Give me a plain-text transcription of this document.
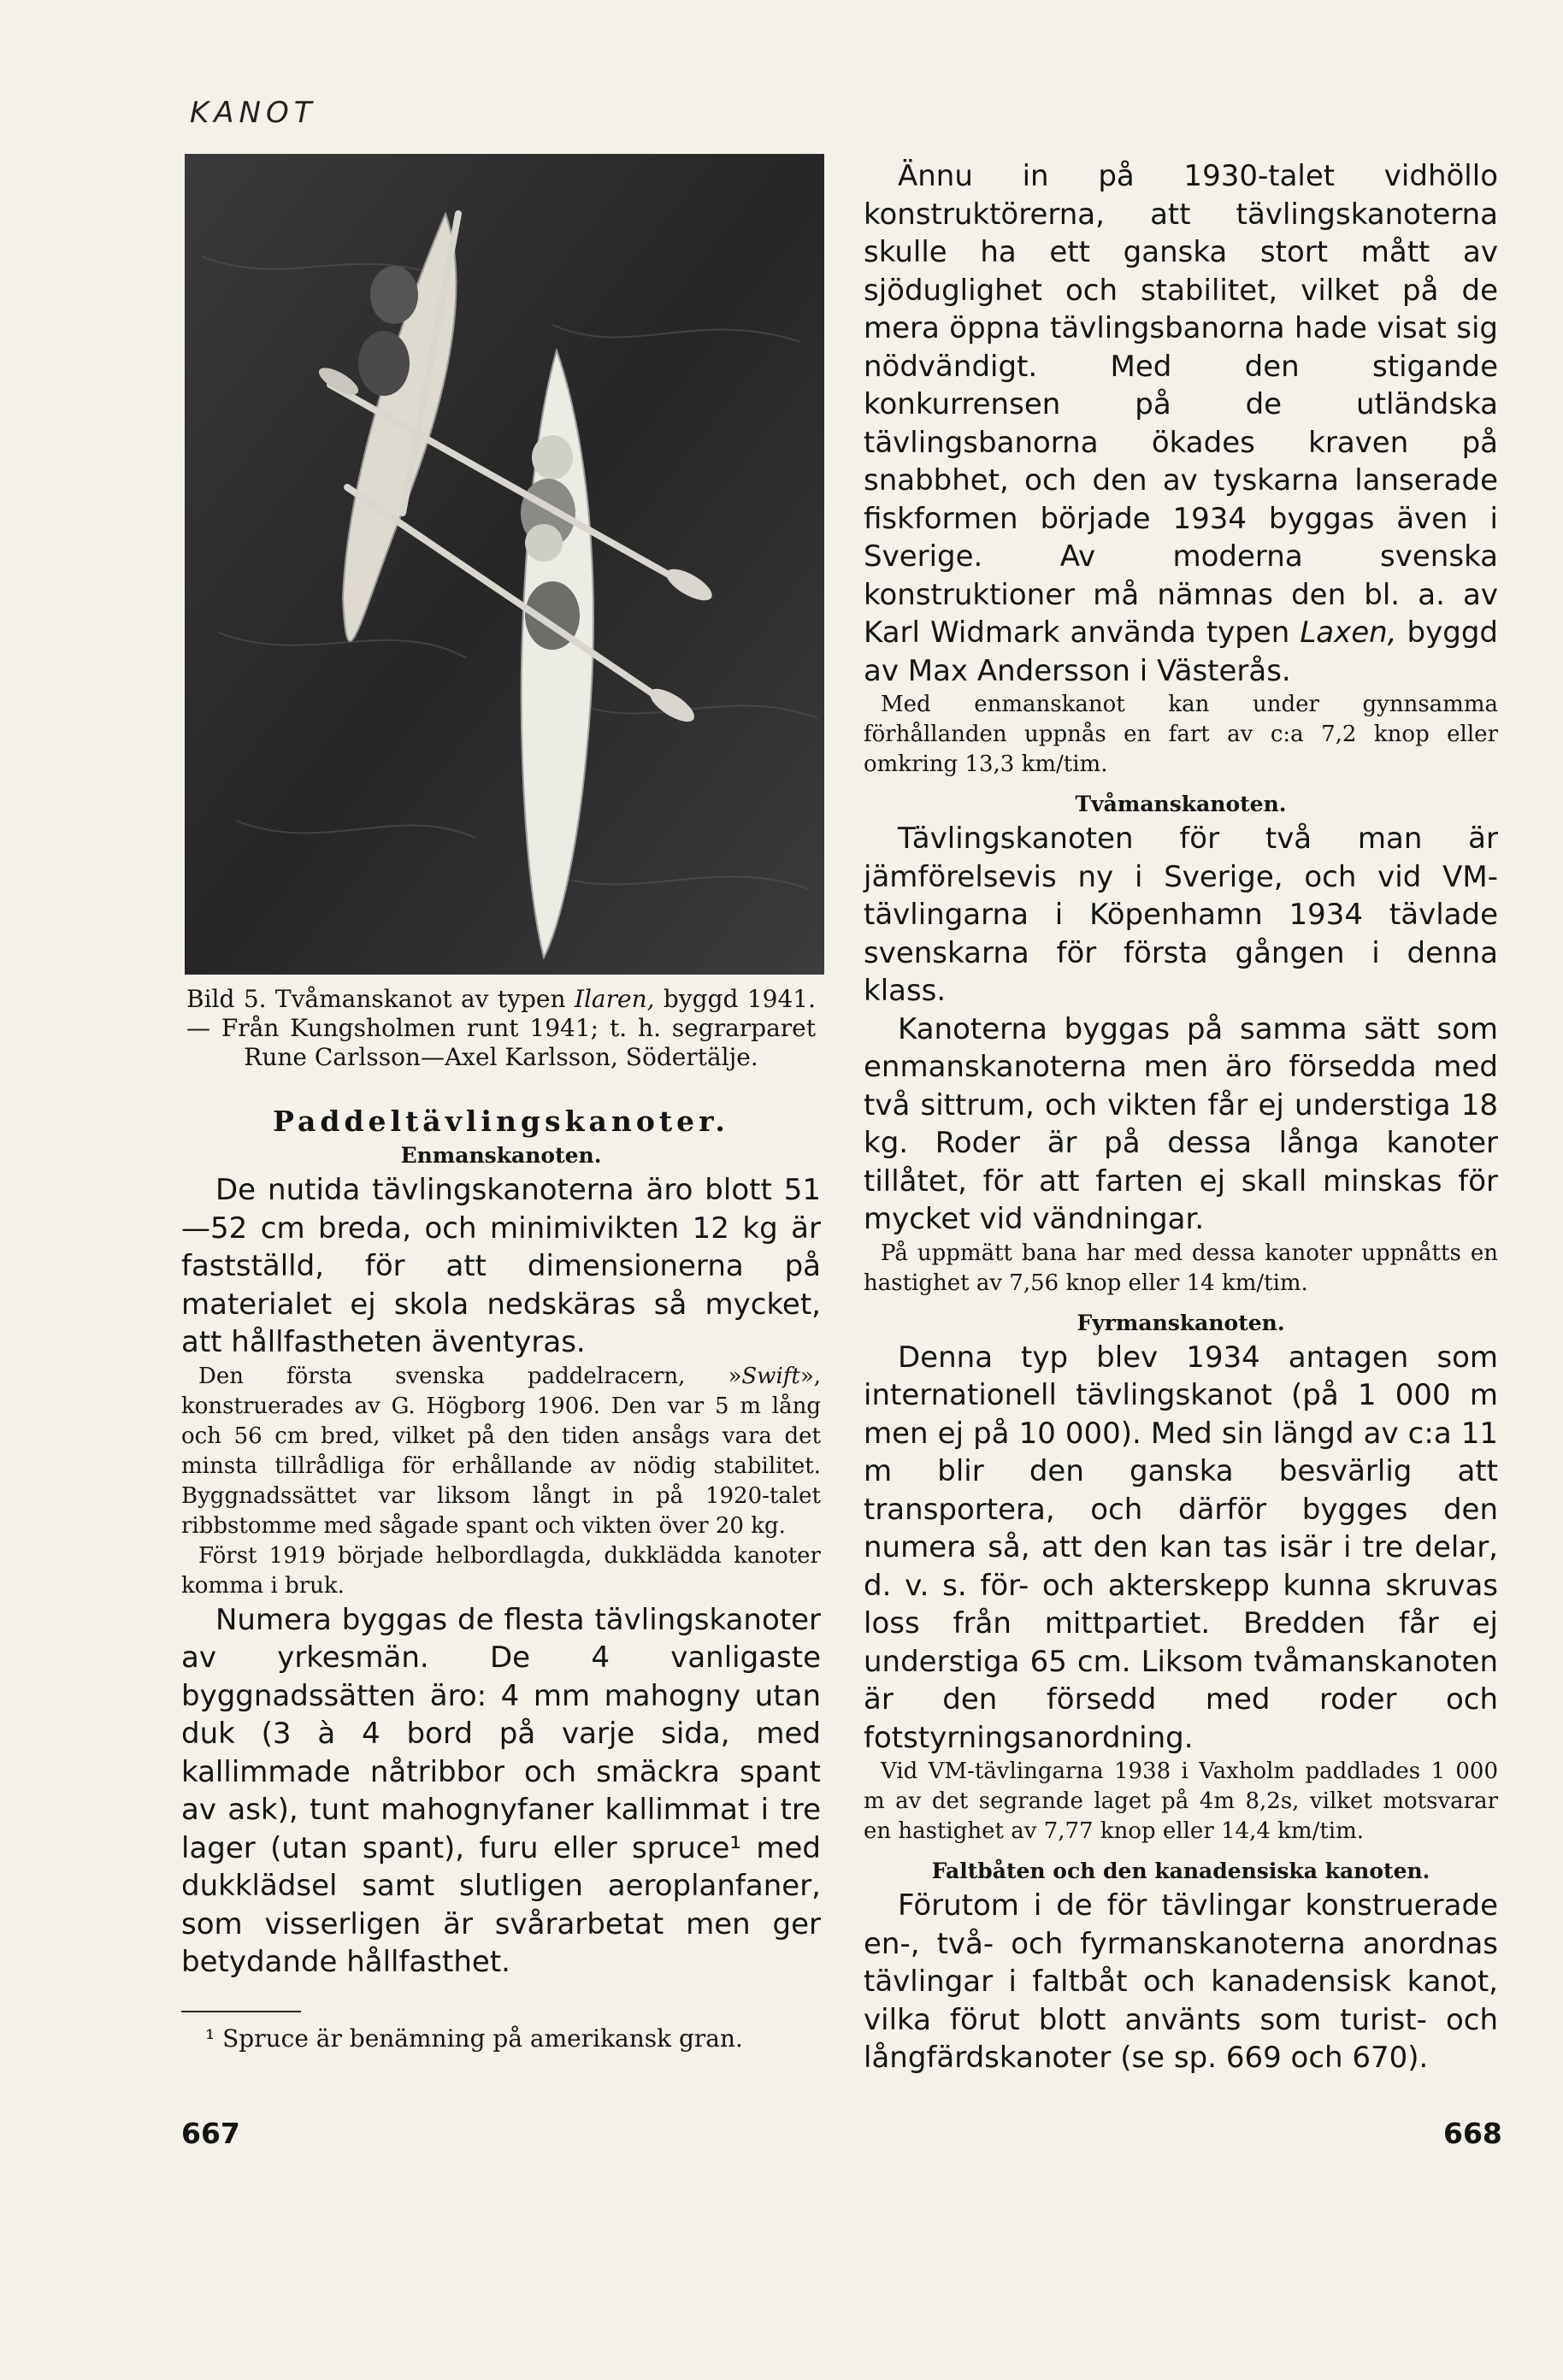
KANOT

Bild 5. Tvåmanskanot av typen Ilaren, byggd 1941. — Från Kungsholmen runt 1941; t. h. segrarparet Rune Carlsson—Axel Karlsson, Södertälje.

Paddeltävlingskanoter.
Enmanskanoten.

De nutida tävlingskanoterna äro blott 51—52 cm breda, och minimivikten 12 kg är fastställd, för att dimensionerna på materialet ej skola nedskäras så mycket, att hållfastheten äventyras.

Den första svenska paddelracern, »Swift», konstruerades av G. Högborg 1906. Den var 5 m lång och 56 cm bred, vilket på den tiden ansågs vara det minsta tillrådliga för erhållande av nödig stabilitet. Byggnadssättet var liksom långt in på 1920-talet ribbstomme med sågade spant och vikten över 20 kg.

Först 1919 började helbordlagda, dukklädda kanoter komma i bruk.

Numera byggas de flesta tävlingskanoter av yrkesmän. De 4 vanligaste byggnadssätten äro: 4 mm mahogny utan duk (3 à 4 bord på varje sida, med kallimmade nåtribbor och smäckra spant av ask), tunt mahognyfaner kallimmat i tre lager (utan spant), furu eller spruce¹ med dukklädsel samt slutligen aeroplanfaner, som visserligen är svårarbetat men ger betydande hållfasthet.

¹ Spruce är benämning på amerikansk gran.

Ännu in på 1930-talet vidhöllo konstruktörerna, att tävlingskanoterna skulle ha ett ganska stort mått av sjöduglighet och stabilitet, vilket på de mera öppna tävlingsbanorna hade visat sig nödvändigt. Med den stigande konkurrensen på de utländska tävlingsbanorna ökades kraven på snabbhet, och den av tyskarna lanserade fiskformen började 1934 byggas även i Sverige. Av moderna svenska konstruktioner må nämnas den bl. a. av Karl Widmark använda typen Laxen, byggd av Max Andersson i Västerås.

Med enmanskanot kan under gynnsamma förhållanden uppnås en fart av c:a 7,2 knop eller omkring 13,3 km/tim.

Tvåmanskanoten.

Tävlingskanoten för två man är jämförelsevis ny i Sverige, och vid VM-tävlingarna i Köpenhamn 1934 tävlade svenskarna för första gången i denna klass.

Kanoterna byggas på samma sätt som enmanskanoterna men äro försedda med två sittrum, och vikten får ej understiga 18 kg. Roder är på dessa långa kanoter tillåtet, för att farten ej skall minskas för mycket vid vändningar.

På uppmätt bana har med dessa kanoter uppnåtts en hastighet av 7,56 knop eller 14 km/tim.

Fyrmanskanoten.

Denna typ blev 1934 antagen som internationell tävlingskanot (på 1 000 m men ej på 10 000). Med sin längd av c:a 11 m blir den ganska besvärlig att transportera, och därför bygges den numera så, att den kan tas isär i tre delar, d. v. s. för- och akterskepp kunna skruvas loss från mittpartiet. Bredden får ej understiga 65 cm. Liksom tvåmanskanoten är den försedd med roder och fotstyrningsanordning.

Vid VM-tävlingarna 1938 i Vaxholm paddlades 1 000 m av det segrande laget på 4m 8,2s, vilket motsvarar en hastighet av 7,77 knop eller 14,4 km/tim.

Faltbåten och den kanadensiska kanoten.

Förutom i de för tävlingar konstruerade en-, två- och fyrmanskanoterna anordnas tävlingar i faltbåt och kanadensisk kanot, vilka förut blott använts som turist- och långfärdskanoter (se sp. 669 och 670).

667	668
